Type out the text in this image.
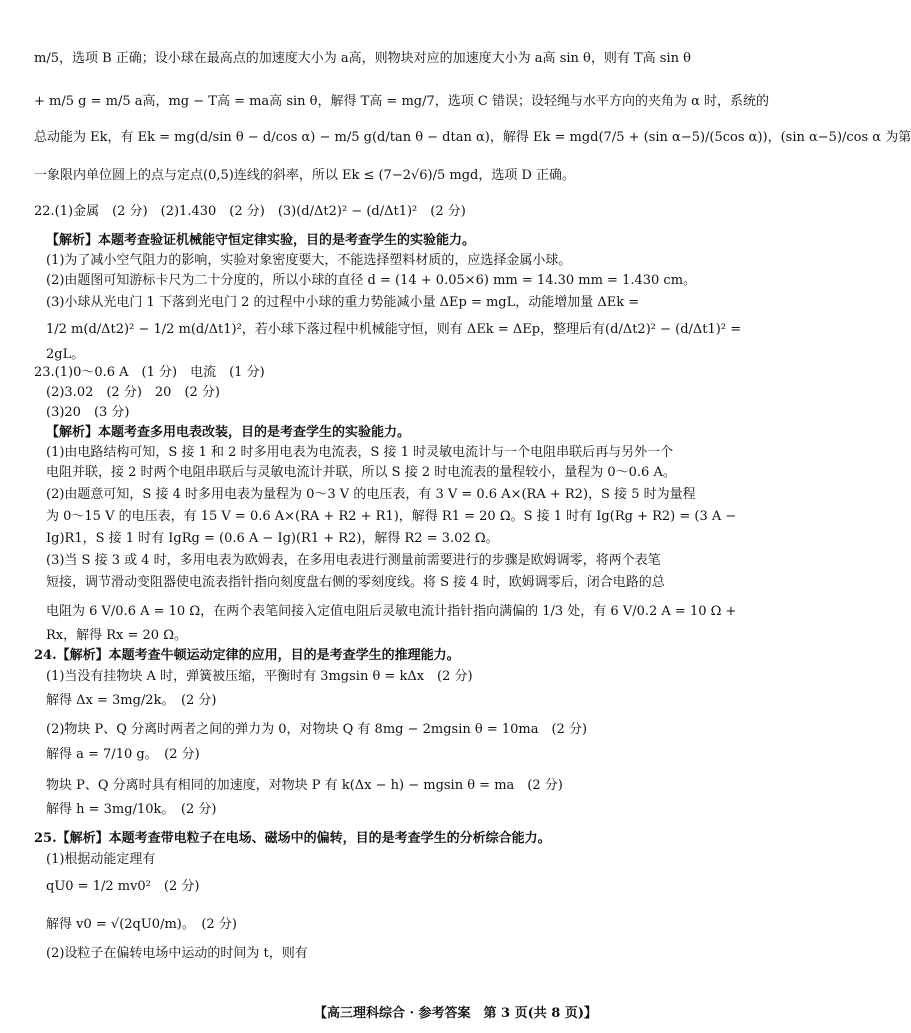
m/5，选项 B 正确；设小球在最高点的加速度大小为 a高，则物块对应的加速度大小为 a高 sin θ，则有 T高 sin θ
+ m/5 g = m/5 a高，mg − T高 = ma高 sin θ，解得 T高 = mg/7，选项 C 错误；设轻绳与水平方向的夹角为 α 时，系统的
总动能为 Ek，有 Ek = mg(d/sin θ − d/cos α) − m/5 g(d/tan θ − dtan α)，解得 Ek = mgd(7/5 + (sin α−5)/(5cos α))，(sin α−5)/cos α 为第
一象限内单位圆上的点与定点(0,5)连线的斜率，所以 Ek ≤ (7−2√6)/5 mgd，选项 D 正确。
22.(1)金属　(2 分)　(2)1.430　(2 分)　(3)(d/Δt2)² − (d/Δt1)²　(2 分)
【解析】本题考查验证机械能守恒定律实验，目的是考查学生的实验能力。
(1)为了减小空气阻力的影响，实验对象密度要大，不能选择塑料材质的，应选择金属小球。
(2)由题图可知游标卡尺为二十分度的，所以小球的直径 d = (14 + 0.05×6) mm = 14.30 mm = 1.430 cm。
(3)小球从光电门 1 下落到光电门 2 的过程中小球的重力势能减小量 ΔEp = mgL，动能增加量 ΔEk =
1/2 m(d/Δt2)² − 1/2 m(d/Δt1)²，若小球下落过程中机械能守恒，则有 ΔEk = ΔEp，整理后有(d/Δt2)² − (d/Δt1)² =
2gL。
23.(1)0～0.6 A　(1 分)　电流　(1 分)
(2)3.02　(2 分)　20　(2 分)
(3)20　(3 分)
【解析】本题考查多用电表改装，目的是考查学生的实验能力。
(1)由电路结构可知，S 接 1 和 2 时多用电表为电流表，S 接 1 时灵敏电流计与一个电阻串联后再与另外一个
电阻并联，接 2 时两个电阻串联后与灵敏电流计并联，所以 S 接 2 时电流表的量程较小，量程为 0～0.6 A。
(2)由题意可知，S 接 4 时多用电表为量程为 0～3 V 的电压表，有 3 V = 0.6 A×(RA + R2)，S 接 5 时为量程
为 0～15 V 的电压表，有 15 V = 0.6 A×(RA + R2 + R1)，解得 R1 = 20 Ω。S 接 1 时有 Ig(Rg + R2) = (3 A −
Ig)R1，S 接 1 时有 IgRg = (0.6 A − Ig)(R1 + R2)，解得 R2 = 3.02 Ω。
(3)当 S 接 3 或 4 时，多用电表为欧姆表，在多用电表进行测量前需要进行的步骤是欧姆调零，将两个表笔
短接，调节滑动变阻器使电流表指针指向刻度盘右侧的零刻度线。将 S 接 4 时，欧姆调零后，闭合电路的总
电阻为 6 V/0.6 A = 10 Ω，在两个表笔间接入定值电阻后灵敏电流计指针指向满偏的 1/3 处，有 6 V/0.2 A = 10 Ω +
Rx，解得 Rx = 20 Ω。
24.【解析】本题考查牛顿运动定律的应用，目的是考查学生的推理能力。
(1)当没有挂物块 A 时，弹簧被压缩，平衡时有 3mgsin θ = kΔx　(2 分)
解得 Δx = 3mg/2k。　(2 分)
(2)物块 P、Q 分离时两者之间的弹力为 0，对物块 Q 有 8mg − 2mgsin θ = 10ma　(2 分)
解得 a = 7/10 g。　(2 分)
物块 P、Q 分离时具有相同的加速度，对物块 P 有 k(Δx − h) − mgsin θ = ma　(2 分)
解得 h = 3mg/10k。　(2 分)
25.【解析】本题考查带电粒子在电场、磁场中的偏转，目的是考查学生的分析综合能力。
(1)根据动能定理有
qU0 = 1/2 mv0²　(2 分)
解得 v0 = √(2qU0/m)。　(2 分)
(2)设粒子在偏转电场中运动的时间为 t，则有
【高三理科综合 · 参考答案　第 3 页(共 8 页)】
